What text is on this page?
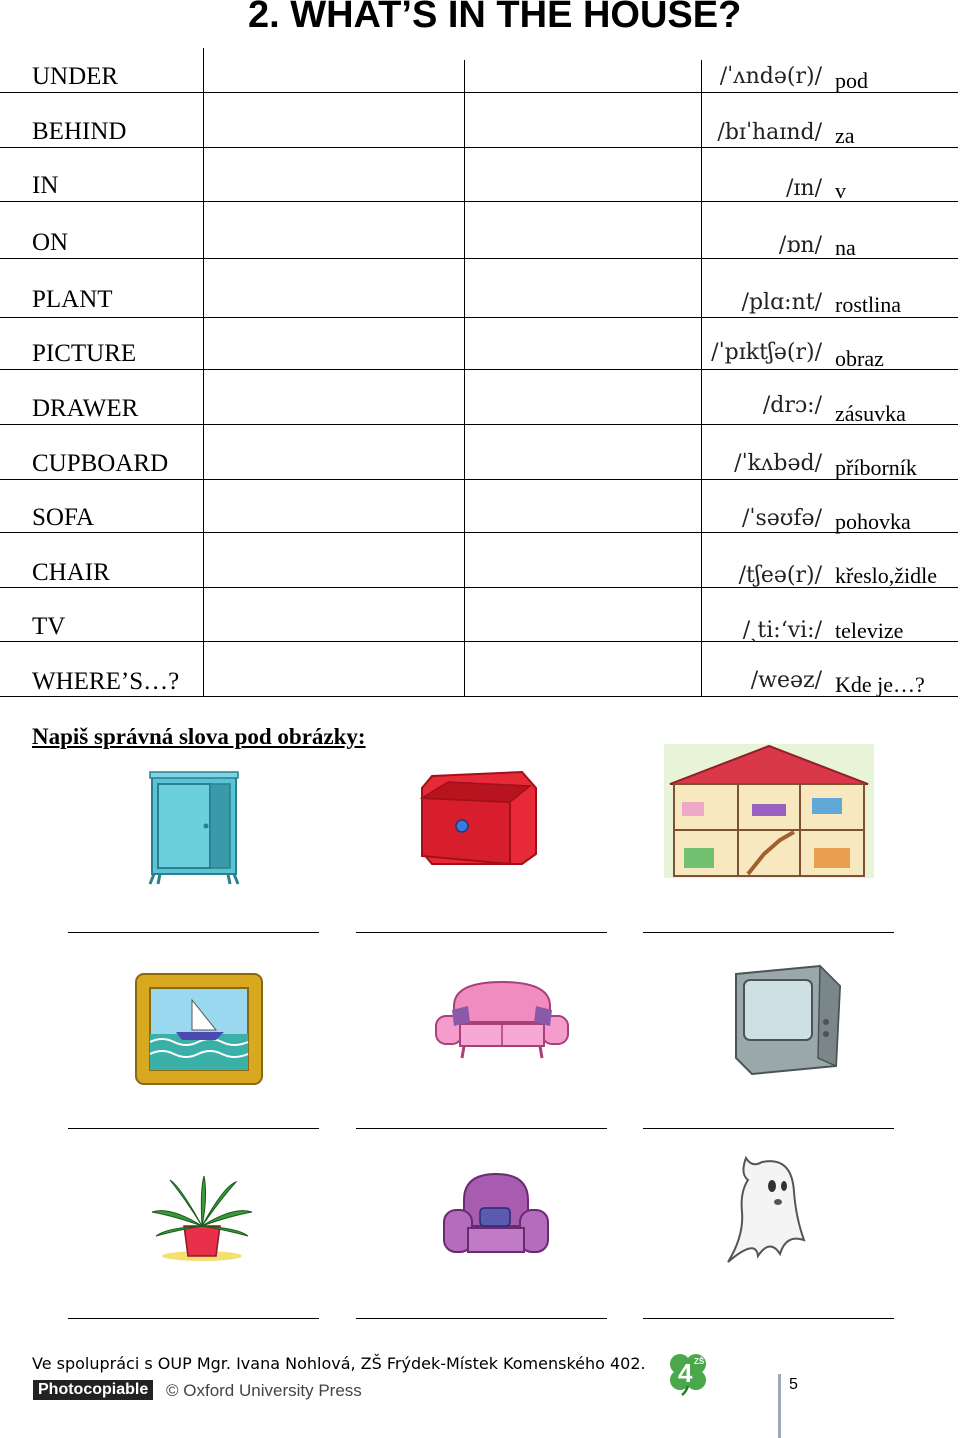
2. WHAT’S IN THE HOUSE?
UNDER	/ˈʌndə(r)/ pod
BEHIND	/bɪˈhaɪnd/ za
IN	/ɪn/ v
ON	/ɒn/ na
PLANT	/plɑ:nt/ rostlina
PICTURE	/ˈpɪktʃə(r)/ obraz
DRAWER	/drɔ:/ zásuvka
CUPBOARD	/ˈkʌbəd/ příborník
SOFA	/ˈsəʊfə/ pohovka
CHAIR	/tʃeə(r)/ křeslo,židle
TV	/ˏti:ʻvi:/ televize
WHERE’S…?	/weəz/ Kde je…?
Napiš správná slova pod obrázky:
Ve spolupráci s OUP Mgr. Ivana Nohlová, ZŠ Frýdek-Místek Komenského 402.
Photocopiable © Oxford University Press
4 ZŠ
5
